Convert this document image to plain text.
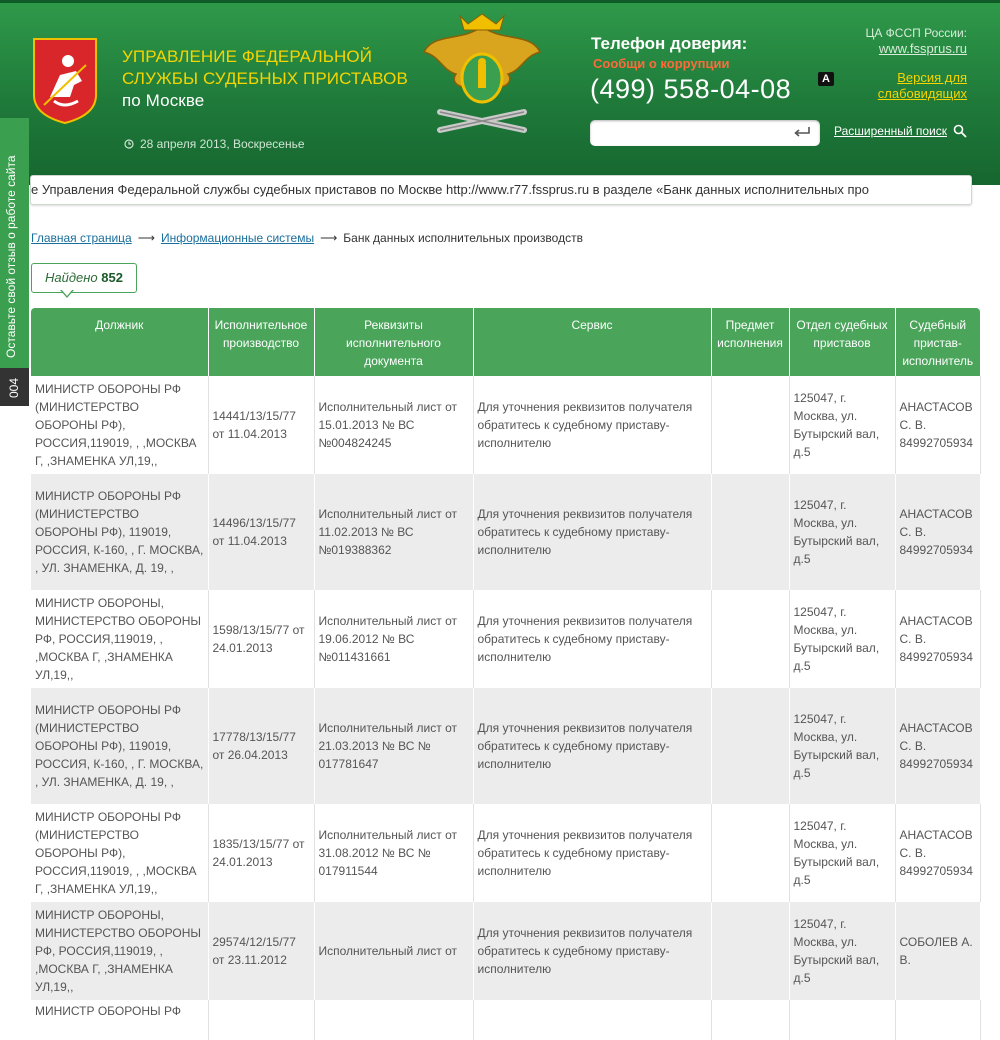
УПРАВЛЕНИЕ ФЕДЕРАЛЬНОЙ
СЛУЖБЫ СУДЕБНЫХ ПРИСТАВОВ
по Москве
28 апреля 2013, Воскресенье
Телефон доверия:
Сообщи о коррупции
(499) 558-04-08	A
Расширенный поиск
ЦА ФССП России:
www.fssprus.ru
Версия для
слабовидящих
е Управления Федеральной службы судебных приставов по Москве http://www.r77.fssprus.ru в разделе «Банк данных исполнительных про
Оставьте свой отзыв о работе сайта
004
Главная страница ⟶ Информационные системы ⟶ Банк данных исполнительных производств
Найдено 852
Должник	Исполнительное производство	Реквизиты исполнительного документа	Сервис	Предмет исполнения	Отдел судебных приставов	Судебный пристав-исполнитель
МИНИСТР ОБОРОНЫ РФ (МИНИСТЕРСТВО ОБОРОНЫ РФ), РОССИЯ,119019, , ,МОСКВА Г, ,ЗНАМЕНКА УЛ,19,,	14441/13/15/77 от 11.04.2013	Исполнительный лист от 15.01.2013 № ВС №004824245	Для уточнения реквизитов получателя обратитесь к судебному приставу-исполнителю		125047, г. Москва, ул. Бутырский вал, д.5	АНАСТАСОВ С. В. 84992705934
МИНИСТР ОБОРОНЫ РФ (МИНИСТЕРСТВО ОБОРОНЫ РФ), 119019, РОССИЯ, К-160, , Г. МОСКВА, , УЛ. ЗНАМЕНКА, Д. 19, ,	14496/13/15/77 от 11.04.2013	Исполнительный лист от 11.02.2013 № ВС №019388362	Для уточнения реквизитов получателя обратитесь к судебному приставу-исполнителю		125047, г. Москва, ул. Бутырский вал, д.5	АНАСТАСОВ С. В. 84992705934
МИНИСТР ОБОРОНЫ, МИНИСТЕРСТВО ОБОРОНЫ РФ, РОССИЯ,119019, , ,МОСКВА Г, ,ЗНАМЕНКА УЛ,19,,	1598/13/15/77 от 24.01.2013	Исполнительный лист от 19.06.2012 № ВС №011431661	Для уточнения реквизитов получателя обратитесь к судебному приставу-исполнителю		125047, г. Москва, ул. Бутырский вал, д.5	АНАСТАСОВ С. В. 84992705934
МИНИСТР ОБОРОНЫ РФ (МИНИСТЕРСТВО ОБОРОНЫ РФ), 119019, РОССИЯ, К-160, , Г. МОСКВА, , УЛ. ЗНАМЕНКА, Д. 19, ,	17778/13/15/77 от 26.04.2013	Исполнительный лист от 21.03.2013 № ВС № 017781647	Для уточнения реквизитов получателя обратитесь к судебному приставу-исполнителю		125047, г. Москва, ул. Бутырский вал, д.5	АНАСТАСОВ С. В. 84992705934
МИНИСТР ОБОРОНЫ РФ (МИНИСТЕРСТВО ОБОРОНЫ РФ), РОССИЯ,119019, , ,МОСКВА Г, ,ЗНАМЕНКА УЛ,19,,	1835/13/15/77 от 24.01.2013	Исполнительный лист от 31.08.2012 № ВС № 017911544	Для уточнения реквизитов получателя обратитесь к судебному приставу-исполнителю		125047, г. Москва, ул. Бутырский вал, д.5	АНАСТАСОВ С. В. 84992705934
МИНИСТР ОБОРОНЫ, МИНИСТЕРСТВО ОБОРОНЫ РФ, РОССИЯ,119019, , ,МОСКВА Г, ,ЗНАМЕНКА УЛ,19,,	29574/12/15/77 от 23.11.2012	Исполнительный лист от	Для уточнения реквизитов получателя обратитесь к судебному приставу-исполнителю		125047, г. Москва, ул. Бутырский вал, д.5	СОБОЛЕВ А. В.
МИНИСТР ОБОРОНЫ РФ						
